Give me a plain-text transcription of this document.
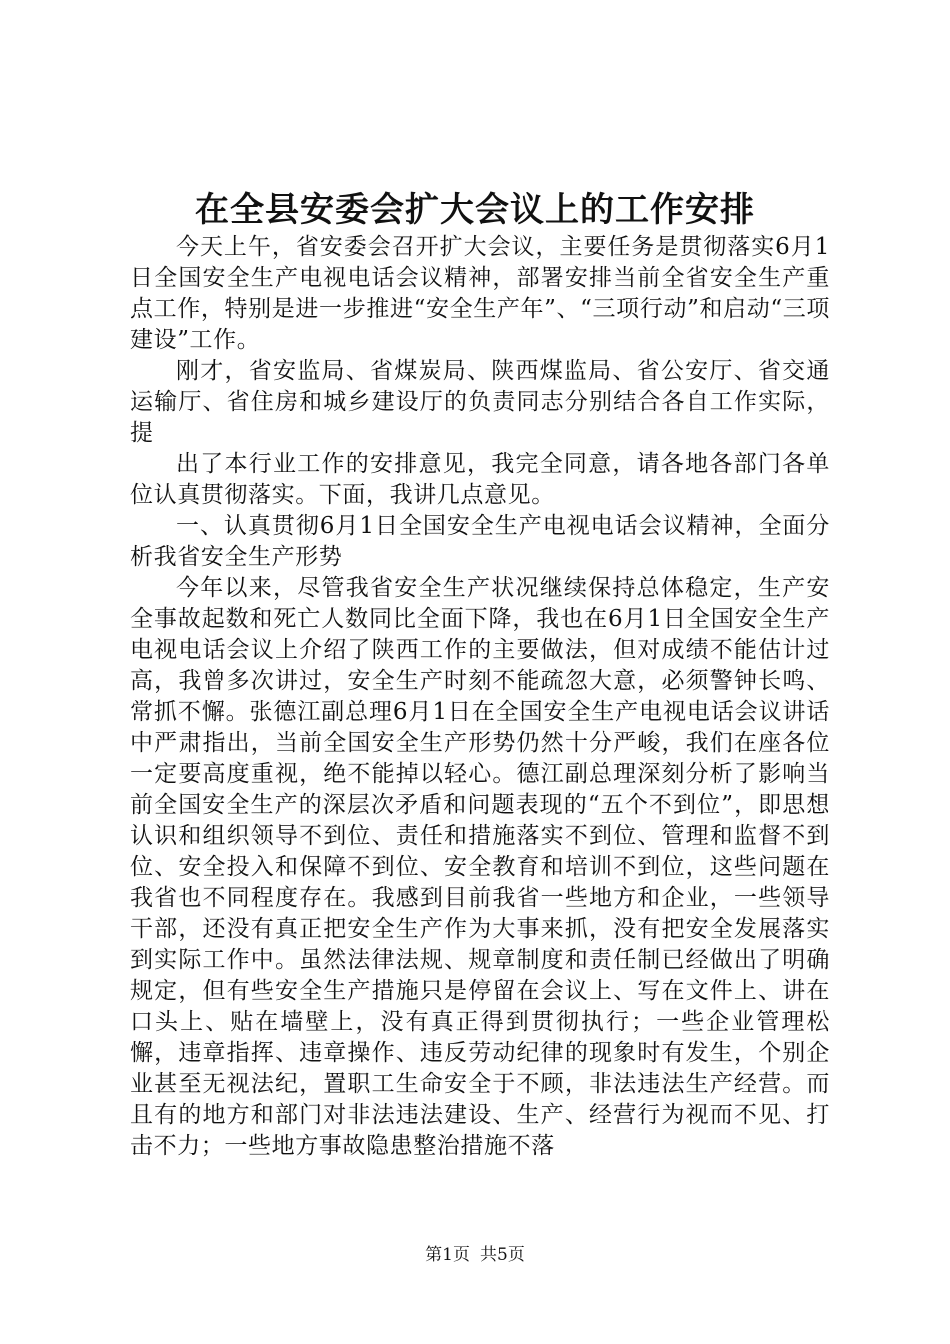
在全县安委会扩大会议上的工作安排

今天上午，省安委会召开扩大会议，主要任务是贯彻落实6月1日全国安全生产电视电话会议精神，部署安排当前全省安全生产重点工作，特别是进一步推进“安全生产年”、“三项行动”和启动“三项建设”工作。

刚才，省安监局、省煤炭局、陕西煤监局、省公安厅、省交通运输厅、省住房和城乡建设厅的负责同志分别结合各自工作实际，提

出了本行业工作的安排意见，我完全同意，请各地各部门各单位认真贯彻落实。下面，我讲几点意见。

一、认真贯彻6月1日全国安全生产电视电话会议精神，全面分析我省安全生产形势

今年以来，尽管我省安全生产状况继续保持总体稳定，生产安全事故起数和死亡人数同比全面下降，我也在6月1日全国安全生产电视电话会议上介绍了陕西工作的主要做法，但对成绩不能估计过高，我曾多次讲过，安全生产时刻不能疏忽大意，必须警钟长鸣、常抓不懈。张德江副总理6月1日在全国安全生产电视电话会议讲话中严肃指出，当前全国安全生产形势仍然十分严峻，我们在座各位一定要高度重视，绝不能掉以轻心。德江副总理深刻分析了影响当前全国安全生产的深层次矛盾和问题表现的“五个不到位”，即思想认识和组织领导不到位、责任和措施落实不到位、管理和监督不到位、安全投入和保障不到位、安全教育和培训不到位，这些问题在我省也不同程度存在。我感到目前我省一些地方和企业，一些领导干部，还没有真正把安全生产作为大事来抓，没有把安全发展落实到实际工作中。虽然法律法规、规章制度和责任制已经做出了明确规定，但有些安全生产措施只是停留在会议上、写在文件上、讲在口头上、贴在墙壁上，没有真正得到贯彻执行；一些企业管理松懈，违章指挥、违章操作、违反劳动纪律的现象时有发生，个别企业甚至无视法纪，置职工生命安全于不顾，非法违法生产经营。而且有的地方和部门对非法违法建设、生产、经营行为视而不见、打击不力；一些地方事故隐患整治措施不落

第1页 共5页
